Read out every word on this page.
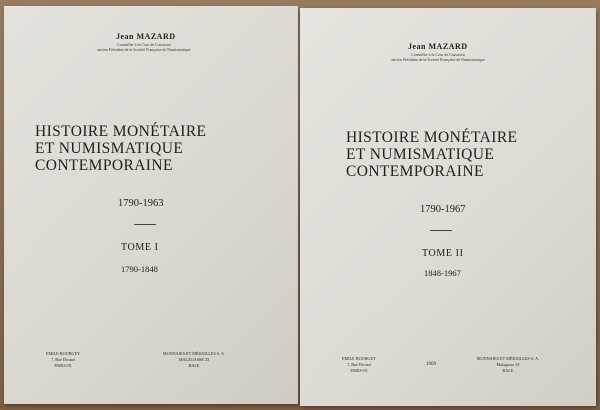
Jean MAZARD
Conseiller à la Cour de Cassation
ancien Président de la Société Française de Numismatique
HISTOIRE MONÉTAIRE
ET NUMISMATIQUE
CONTEMPORAINE
1790-1963
TOME I
1790-1848
EMILE BOURGEY
7, Rue Drouot
PARIS-IX
MONNAIES ET MÉDAILLES S. A.
MALZGASSE 25
BALE
Jean MAZARD
Conseiller à la Cour de Cassation
ancien Président de la Société Française de Numismatique
HISTOIRE MONÉTAIRE
ET NUMISMATIQUE
CONTEMPORAINE
1790-1967
TOME II
1848-1967
EMILE BOURGEY
7, Rue Drouot
PARIS-IX
1969
MONNAIES ET MÉDAILLES S. A.
Malzgasse 25
BALE
